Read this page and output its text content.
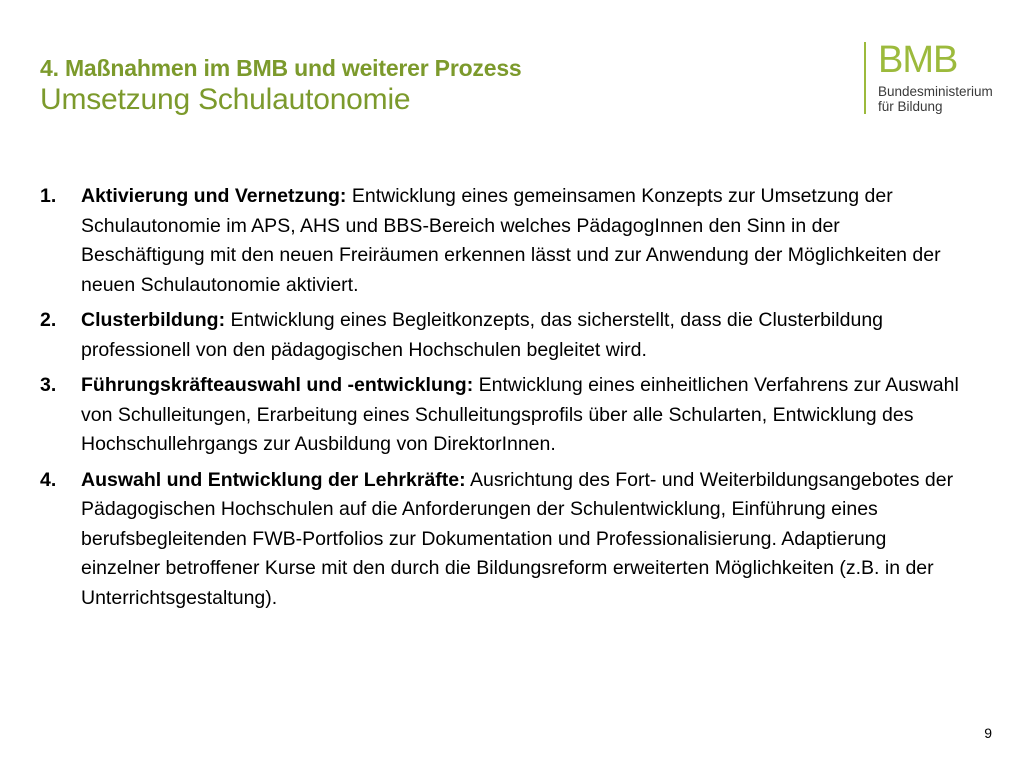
4. Maßnahmen im BMB und weiterer Prozess
Umsetzung Schulautonomie
BMB
Bundesministerium
für Bildung
1. Aktivierung und Vernetzung: Entwicklung eines gemeinsamen Konzepts zur Umsetzung der Schulautonomie im APS, AHS und BBS-Bereich welches PädagogInnen den Sinn in der Beschäftigung mit den neuen Freiräumen erkennen lässt und zur Anwendung der Möglichkeiten der neuen Schulautonomie aktiviert.
2. Clusterbildung: Entwicklung eines Begleitkonzepts, das sicherstellt, dass die Clusterbildung professionell von den pädagogischen Hochschulen begleitet wird.
3. Führungskräfteauswahl und -entwicklung: Entwicklung eines einheitlichen Verfahrens zur Auswahl von Schulleitungen, Erarbeitung eines Schulleitungsprofils über alle Schularten, Entwicklung des Hochschullehrgangs zur Ausbildung von DirektorInnen.
4. Auswahl und Entwicklung der Lehrkräfte: Ausrichtung des Fort- und Weiterbildungsangebotes der Pädagogischen Hochschulen auf die Anforderungen der Schulentwicklung, Einführung eines berufsbegleitenden FWB-Portfolios zur Dokumentation und Professionalisierung. Adaptierung einzelner betroffener Kurse mit den durch die Bildungsreform erweiterten Möglichkeiten (z.B. in der Unterrichtsgestaltung).
9
